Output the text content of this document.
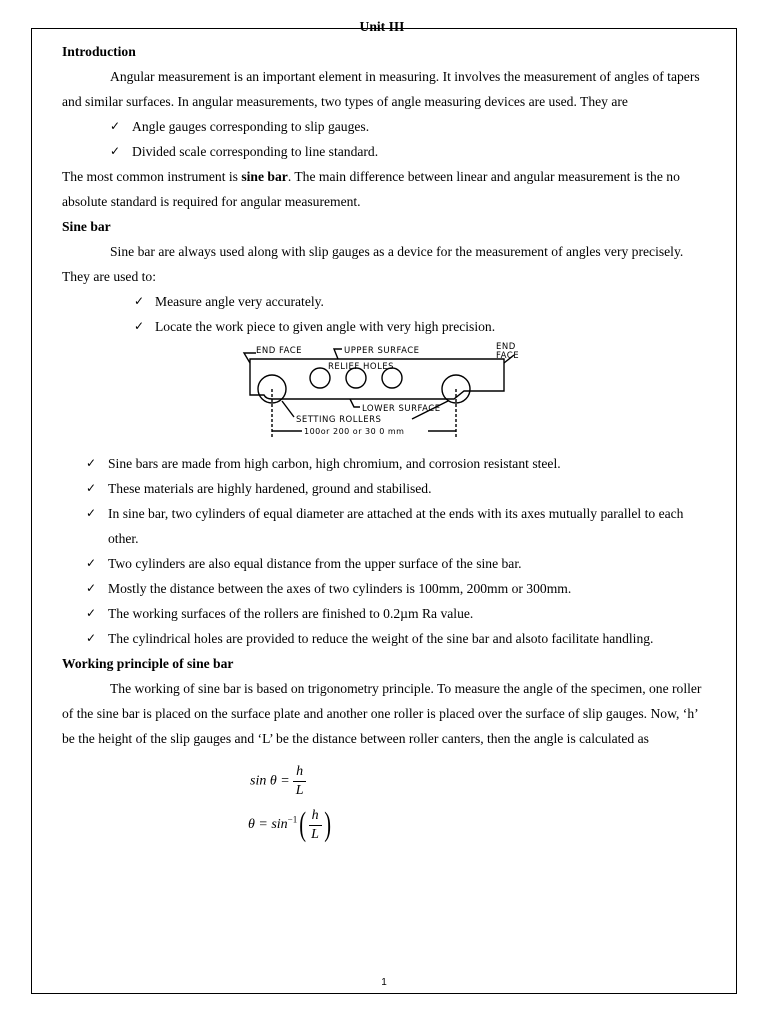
Unit III
Introduction

Angular measurement is an important element in measuring. It involves the measurement of angles of tapers and similar surfaces. In angular measurements, two types of angle measuring devices are used. They are

✓ Angle gauges corresponding to slip gauges.
✓ Divided scale corresponding to line standard.

The most common instrument is sine bar. The main difference between linear and angular measurement is the no absolute standard is required for angular measurement.

Sine bar

Sine bar are always used along with slip gauges as a device for the measurement of angles very precisely. They are used to:

✓ Measure angle very accurately.
✓ Locate the work piece to given angle with very high precision.
END FACE	UPPER SURFACE	END
FACE
RELIEF HOLES
LOWER SURFACE
SETTING ROLLERS
100or 200 or 30 0 mm
✓ Sine bars are made from high carbon, high chromium, and corrosion resistant steel.
✓ These materials are highly hardened, ground and stabilised.
✓ In sine bar, two cylinders of equal diameter are attached at the ends with its axes mutually parallel to each other.
✓ Two cylinders are also equal distance from the upper surface of the sine bar.
✓ Mostly the distance between the axes of two cylinders is 100mm, 200mm or 300mm.
✓ The working surfaces of the rollers are finished to 0.2µm Ra value.
✓ The cylindrical holes are provided to reduce the weight of the sine bar and alsoto facilitate handling.
Working principle of sine bar

The working of sine bar is based on trigonometry principle. To measure the angle of the specimen, one roller of the sine bar is placed on the surface plate and another one roller is placed over the surface of slip gauges. Now, ‘h’ be the height of the slip gauges and ‘L’ be the distance between roller canters, then the angle is calculated as

$\sin \theta = \frac{h}{L}$
$\theta = \sin^{-1}( \frac{h}{L}$ )
1
